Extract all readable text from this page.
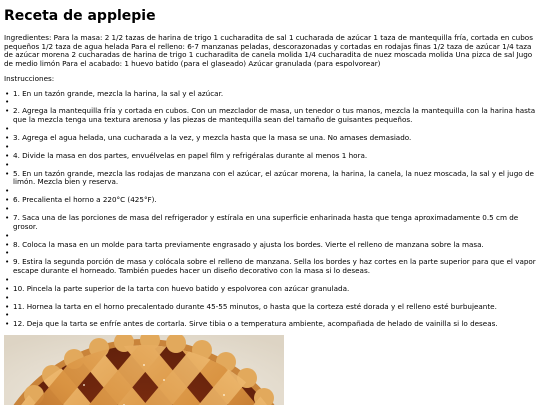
Receta de applepie

Ingredientes: Para la masa: 2 1/2 tazas de harina de trigo 1 cucharadita de sal 1 cucharada de azúcar 1 taza de mantequilla fría, cortada en cubos pequeños 1/2 taza de agua helada Para el relleno: 6-7 manzanas peladas, descorazonadas y cortadas en rodajas finas 1/2 taza de azúcar 1/4 taza de azúcar morena 2 cucharadas de harina de trigo 1 cucharadita de canela molida 1/4 cucharadita de nuez moscada molida Una pizca de sal Jugo de medio limón Para el acabado: 1 huevo batido (para el glaseado) Azúcar granulada (para espolvorear)

Instrucciones:

• 1. En un tazón grande, mezcla la harina, la sal y el azúcar.
•
• 2. Agrega la mantequilla fría y cortada en cubos. Con un mezclador de masa, un tenedor o tus manos, mezcla la mantequilla con la harina hasta que la mezcla tenga una textura arenosa y las piezas de mantequilla sean del tamaño de guisantes pequeños.
•
• 3. Agrega el agua helada, una cucharada a la vez, y mezcla hasta que la masa se una. No amases demasiado.
•
• 4. Divide la masa en dos partes, envuélvelas en papel film y refrigéralas durante al menos 1 hora.
•
• 5. En un tazón grande, mezcla las rodajas de manzana con el azúcar, el azúcar morena, la harina, la canela, la nuez moscada, la sal y el jugo de limón. Mezcla bien y reserva.
•
• 6. Precalienta el horno a 220°C (425°F).
•
• 7. Saca una de las porciones de masa del refrigerador y estírala en una superficie enharinada hasta que tenga aproximadamente 0.5 cm de grosor.
•
• 8. Coloca la masa en un molde para tarta previamente engrasado y ajusta los bordes. Vierte el relleno de manzana sobre la masa.
•
• 9. Estira la segunda porción de masa y colócala sobre el relleno de manzana. Sella los bordes y haz cortes en la parte superior para que el vapor escape durante el horneado. También puedes hacer un diseño decorativo con la masa si lo deseas.
•
• 10. Pincela la parte superior de la tarta con huevo batido y espolvorea con azúcar granulada.
•
• 11. Hornea la tarta en el horno precalentado durante 45-55 minutos, o hasta que la corteza esté dorada y el relleno esté burbujeante.
•
• 12. Deja que la tarta se enfríe antes de cortarla. Sirve tibia o a temperatura ambiente, acompañada de helado de vainilla si lo deseas.
